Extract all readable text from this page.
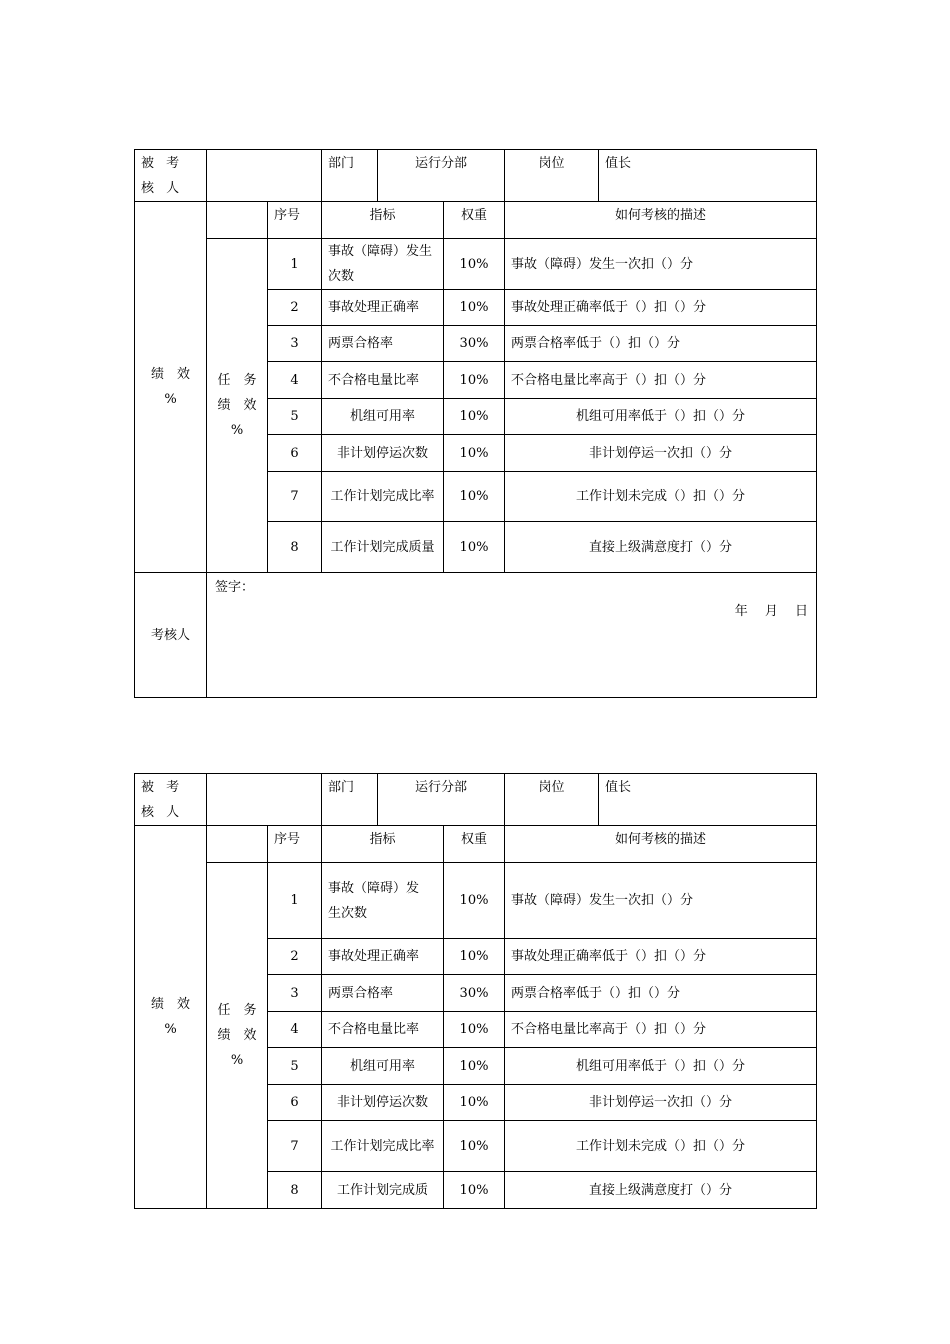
被 考 核 人			部门	运行分部		岗位	值长
绩　效　%		序号	指标		权重	如何考核的描述	
	任　务　绩　效　%	1	事故（障碍）发生次数		10%	事故（障碍）发生一次扣（）分	
		2	事故处理正确率		10%	事故处理正确率低于（）扣（）分	
		3	两票合格率		30%	两票合格率低于（）扣（）分	
		4	不合格电量比率		10%	不合格电量比率高于（）扣（）分	
		5	机组可用率		10%	机组可用率低于（）扣（）分	
		6	非计划停运次数		10%	非计划停运一次扣（）分	
		7	工作计划完成比率		10%	工作计划未完成（）扣（）分	
		8	工作计划完成质量		10%	直接上级满意度打（）分	
考核人	签字：
年　 月　 日						
被 考 核 人			部门	运行分部		岗位	值长
绩　效　%		序号	指标		权重	如何考核的描述	
	任　务　绩　效　%	1	事故（障碍）发生次数		10%	事故（障碍）发生一次扣（）分	
		2	事故处理正确率		10%	事故处理正确率低于（）扣（）分	
		3	两票合格率		30%	两票合格率低于（）扣（）分	
		4	不合格电量比率		10%	不合格电量比率高于（）扣（）分	
		5	机组可用率		10%	机组可用率低于（）扣（）分	
		6	非计划停运次数		10%	非计划停运一次扣（）分	
		7	工作计划完成比率		10%	工作计划未完成（）扣（）分	
		8	工作计划完成质		10%	直接上级满意度打（）分	
